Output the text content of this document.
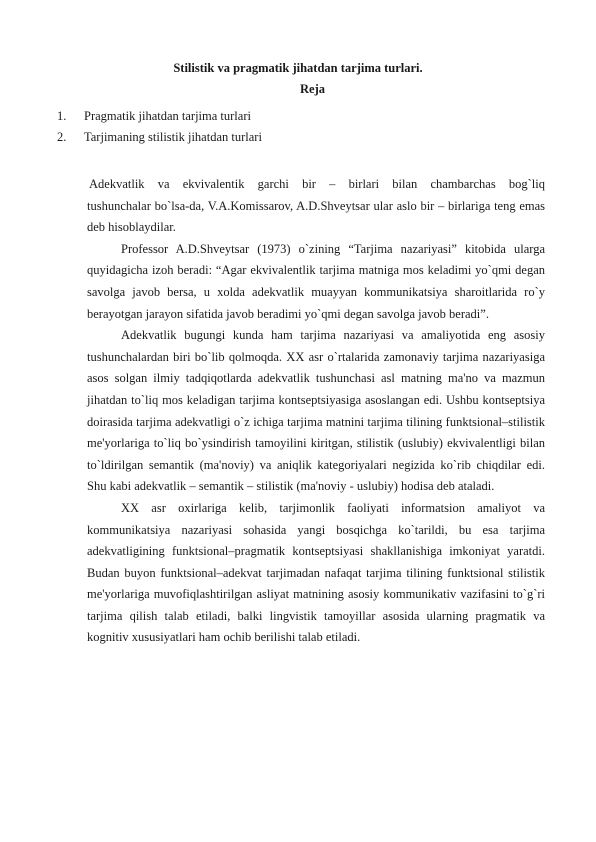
Stilistik va pragmatik jihatdan tarjima turlari.
Reja
1.	Pragmatik jihatdan tarjima turlari
2.	Tarjimaning stilistik jihatdan turlari

Adekvatlik va ekvivalentik garchi bir – birlari bilan chambarchas bog`liq tushunchalar bo`lsa-da, V.A.Komissarov, A.D.Shveytsar ular aslo bir – birlariga teng emas deb hisoblaydilar.

Professor A.D.Shveytsar (1973) o`zining “Tarjima nazariyasi” kitobida ularga quyidagicha izoh beradi: “Agar ekvivalentlik tarjima matniga mos keladimi yo`qmi degan savolga javob bersa, u xolda adekvatlik muayyan kommunikatsiya sharoitlarida ro`y berayotgan jarayon sifatida javob beradimi yo`qmi degan savolga javob beradi”.

Adekvatlik bugungi kunda ham tarjima nazariyasi va amaliyotida eng asosiy tushunchalardan biri bo`lib qolmoqda. XX asr o`rtalarida zamonaviy tarjima nazariyasiga asos solgan ilmiy tadqiqotlarda adekvatlik tushunchasi asl matning ma'no va mazmun jihatdan to`liq mos keladigan tarjima kontseptsiyasiga asoslangan edi. Ushbu kontseptsiya doirasida tarjima adekvatligi o`z ichiga tarjima matnini tarjima tilining funktsional–stilistik me'yorlariga to`liq bo`ysindirish tamoyilini kiritgan, stilistik (uslubiy) ekvivalentligi bilan to`ldirilgan semantik (ma'noviy) va aniqlik kategoriyalari negizida ko`rib chiqdilar edi. Shu kabi adekvatlik – semantik – stilistik (ma'noviy - uslubiy) hodisa deb ataladi.

XX asr oxirlariga kelib, tarjimonlik faoliyati informatsion amaliyot va kommunikatsiya nazariyasi sohasida yangi bosqichga ko`tarildi, bu esa tarjima adekvatligining funktsional–pragmatik kontseptsiyasi shakllanishiga imkoniyat yaratdi. Budan buyon funktsional–adekvat tarjimadan nafaqat tarjima tilining funktsional stilistik me'yorlariga muvofiqlashtirilgan asliyat matnining asosiy kommunikativ vazifasini to`g`ri tarjima qilish talab etiladi, balki lingvistik tamoyillar asosida ularning pragmatik va kognitiv xususiyatlari ham ochib berilishi talab etiladi.
